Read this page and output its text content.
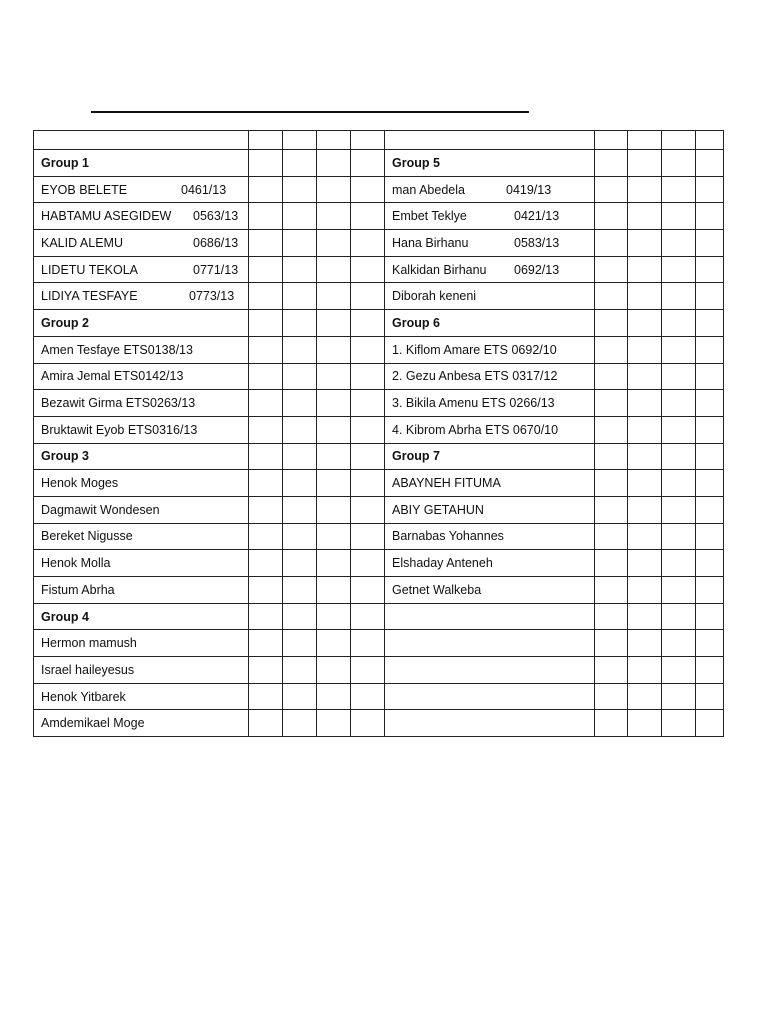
Group 1					Group 5				
EYOB BELETE 0461/13					man Abedela 0419/13				
HABTAMU ASEGIDEW 0563/13					Embet Teklye 0421/13				
KALID ALEMU 0686/13					Hana Birhanu 0583/13				
LIDETU TEKOLA 0771/13					Kalkidan Birhanu 0692/13				
LIDIYA TESFAYE 0773/13					Diborah keneni				
Group 2					Group 6				
Amen Tesfaye ETS0138/13					1. Kiflom Amare ETS 0692/10				
Amira Jemal ETS0142/13					2. Gezu Anbesa ETS 0317/12				
Bezawit Girma ETS0263/13					3. Bikila Amenu ETS 0266/13				
Bruktawit Eyob ETS0316/13					4. Kibrom Abrha ETS 0670/10				
Group 3					Group 7				
Henok Moges					ABAYNEH FITUMA				
Dagmawit Wondesen					ABIY GETAHUN				
Bereket Nigusse					Barnabas Yohannes				
Henok Molla					Elshaday Anteneh				
Fistum Abrha					Getnet Walkeba				
Group 4									
Hermon mamush									
Israel haileyesus									
Henok Yitbarek									
Amdemikael Moge									
